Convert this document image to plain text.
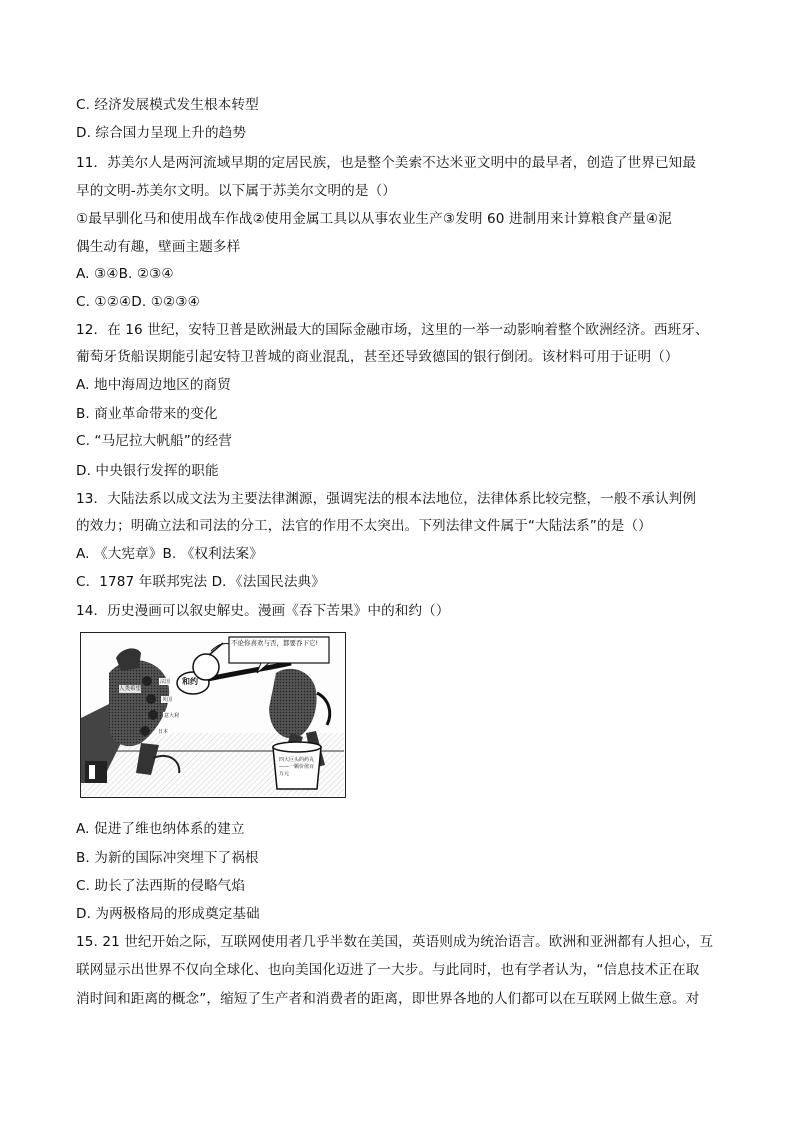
C. 经济发展模式发生根本转型
D. 综合国力呈现上升的趋势
11．苏美尔人是两河流域早期的定居民族，也是整个美索不达米亚文明中的最早者，创造了世界已知最
早的文明-苏美尔文明。以下属于苏美尔文明的是（）
①最早驯化马和使用战车作战②使用金属工具以从事农业生产③发明 60 进制用来计算粮食产量④泥
偶生动有趣，壁画主题多样
A. ③④B. ②③④
C. ①②④D. ①②③④
12．在 16 世纪，安特卫普是欧洲最大的国际金融市场，这里的一举一动影响着整个欧洲经济。西班牙、
葡萄牙货船误期能引起安特卫普城的商业混乱，甚至还导致德国的银行倒闭。该材料可用于证明（）
A. 地中海周边地区的商贸
B. 商业革命带来的变化
C. “马尼拉大帆船”的经营
D. 中央银行发挥的职能
13．大陆法系以成文法为主要法律渊源，强调宪法的根本法地位，法律体系比较完整，一般不承认判例
的效力；明确立法和司法的分工，法官的作用不太突出。下列法律文件属于“大陆法系”的是（）
A. 《大宪章》B. 《权利法案》
C．1787 年联邦宪法 D．《法国民法典》
14．历史漫画可以叙史解史。漫画《吞下苦果》中的和约（）
不论你喜欢与否，都要吞下它!
和约
人类希望
法国
英国
意大利
日本
四大巨头的药丸——一颗价值百万元
A. 促进了维也纳体系的建立
B. 为新的国际冲突埋下了祸根
C. 助长了法西斯的侵略气焰
D. 为两极格局的形成奠定基础
15. 21 世纪开始之际，互联网使用者几乎半数在美国，英语则成为统治语言。欧洲和亚洲都有人担心，互
联网显示出世界不仅向全球化、也向美国化迈进了一大步。与此同时，也有学者认为，“信息技术正在取
消时间和距离的概念”，缩短了生产者和消费者的距离，即世界各地的人们都可以在互联网上做生意。对
